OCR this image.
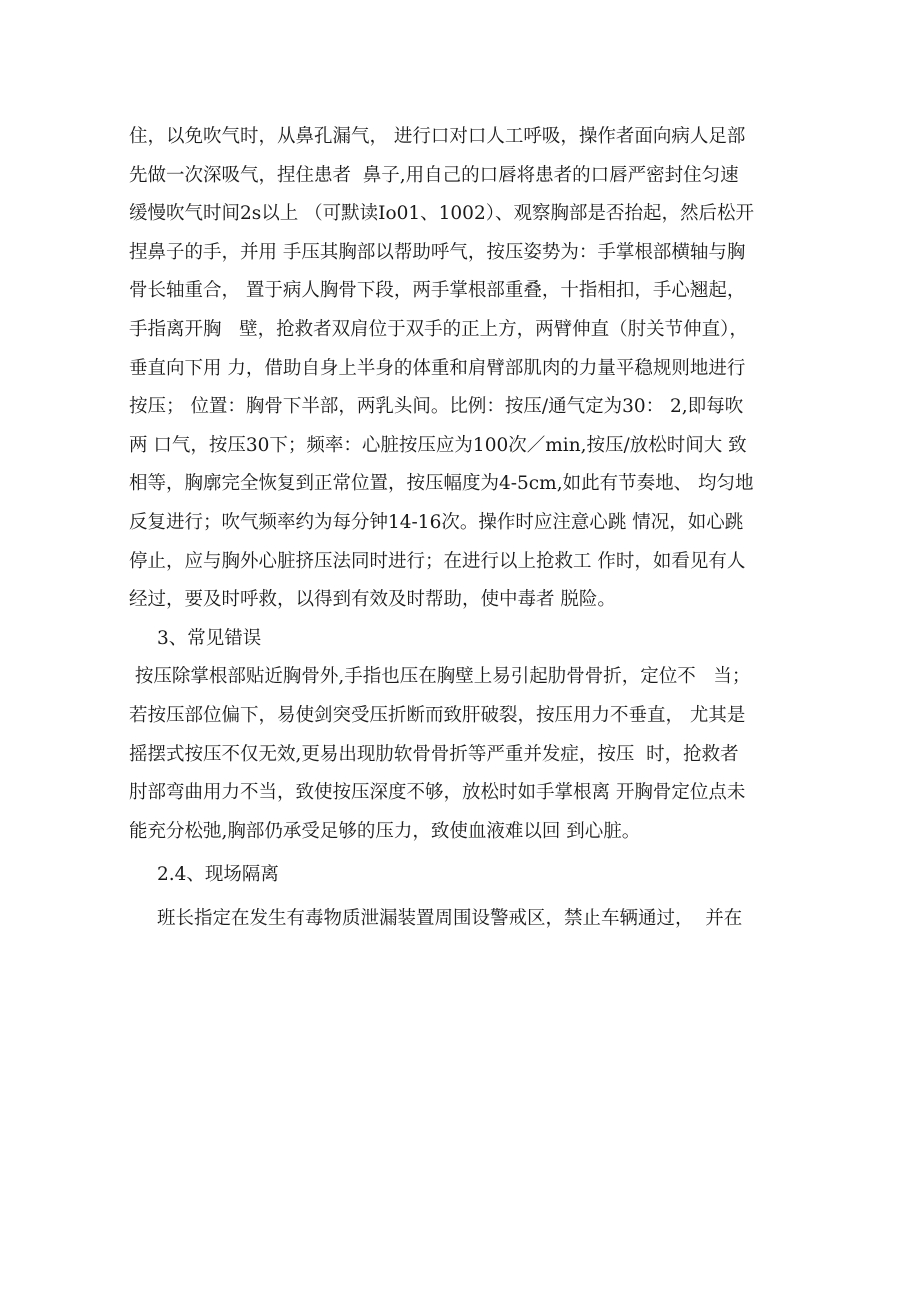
住，以免吹气时，从鼻孔漏气， 进行口对口人工呼吸，操作者面向病人足部
先做一次深吸气，捏住患者  鼻子,用自己的口唇将患者的口唇严密封住匀速
缓慢吹气时间2s以上 （可默读Io01、1002）、观察胸部是否抬起，然后松开
捏鼻子的手，并用 手压其胸部以帮助呼气，按压姿势为：手掌根部横轴与胸
骨长轴重合， 置于病人胸骨下段，两手掌根部重叠，十指相扣，手心翘起，
手指离开胸   壁，抢救者双肩位于双手的正上方，两臂伸直（肘关节伸直），
垂直向下用 力，借助自身上半身的体重和肩臂部肌肉的力量平稳规则地进行
按压； 位置：胸骨下半部，两乳头间。比例：按压/通气定为30： 2,即每吹
两 口气，按压30下；频率：心脏按压应为100次／min,按压/放松时间大 致
相等，胸廓完全恢复到正常位置，按压幅度为4-5cm,如此有节奏地、 均匀地
反复进行；吹气频率约为每分钟14-16次。操作时应注意心跳 情况，如心跳
停止，应与胸外心脏挤压法同时进行；在进行以上抢救工 作时，如看见有人
经过，要及时呼救，以得到有效及时帮助，使中毒者 脱险。
3、常见错误
按压除掌根部贴近胸骨外,手指也压在胸壁上易引起肋骨骨折，定位不   当；
若按压部位偏下，易使剑突受压折断而致肝破裂，按压用力不垂直， 尤其是
摇摆式按压不仅无效,更易出现肋软骨骨折等严重并发症，按压  时，抢救者
肘部弯曲用力不当，致使按压深度不够，放松时如手掌根离 开胸骨定位点未
能充分松弛,胸部仍承受足够的压力，致使血液难以回 到心脏。
2.4、现场隔离
班长指定在发生有毒物质泄漏装置周围设警戒区，禁止车辆通过，  并在
